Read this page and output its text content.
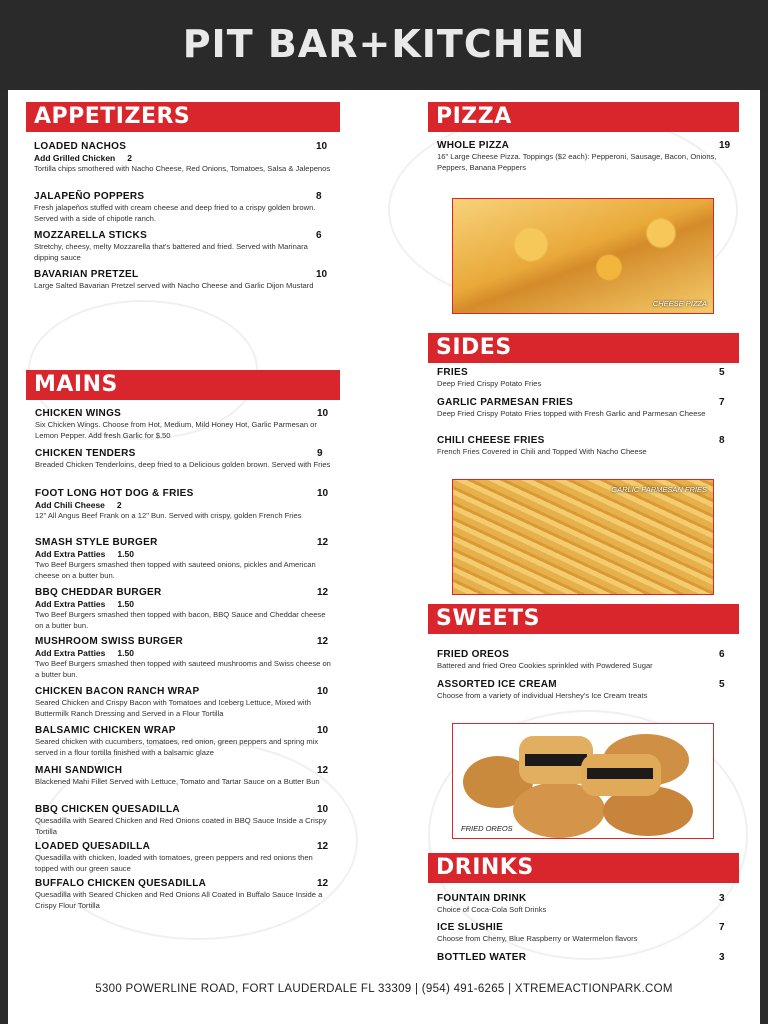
PIT BAR+KITCHEN
APPETIZERS
LOADED NACHOS	10
Add Grilled Chicken 2
Tortilla chips smothered with Nacho Cheese, Red Onions, Tomatoes, Salsa & Jalepenos
JALAPEÑO POPPERS	8
Fresh jalapeños stuffed with cream cheese and deep fried to a crispy golden brown. Served with a side of chipotle ranch.
MOZZARELLA STICKS	6
Stretchy, cheesy, melty Mozzarella that's battered and fried. Served with Marinara dipping sauce
BAVARIAN PRETZEL	10
Large Salted Bavarian Pretzel served with Nacho Cheese and Garlic Dijon Mustard
MAINS
CHICKEN WINGS	10
Six Chicken Wings. Choose from Hot, Medium, Mild Honey Hot, Garlic Parmesan or Lemon Pepper. Add fresh Garlic for $.50
CHICKEN TENDERS	9
Breaded Chicken Tenderloins, deep fried to a Delicious golden brown. Served with Fries
FOOT LONG HOT DOG & FRIES	10
Add Chili Cheese 2
12" All Angus Beef Frank on a 12" Bun. Served with crispy, golden French Fries
SMASH STYLE BURGER	12
Add Extra Patties 1.50
Two Beef Burgers smashed then topped with sauteed onions, pickles and American cheese on a butter bun.
BBQ CHEDDAR BURGER	12
Add Extra Patties 1.50
Two Beef Burgers smashed then topped with bacon, BBQ Sauce and Cheddar cheese on a butter bun.
MUSHROOM SWISS BURGER	12
Add Extra Patties 1.50
Two Beef Burgers smashed then topped with sauteed mushrooms and Swiss cheese on a butter bun.
CHICKEN BACON RANCH WRAP	10
Seared Chicken and Crispy Bacon with Tomatoes and Iceberg Lettuce, Mixed with Buttermilk Ranch Dressing and Served in a Flour Tortilla
BALSAMIC CHICKEN WRAP	10
Seared chicken with cucumbers, tomatoes, red onion, green peppers and spring mix served in a flour tortilla finished with a balsamic glaze
MAHI SANDWICH	12
Blackened Mahi Fillet Served with Lettuce, Tomato and Tartar Sauce on a Butter Bun
BBQ CHICKEN QUESADILLA	10
Quesadilla with Seared Chicken and Red Onions coated in BBQ Sauce Inside a Crispy Tortilla
LOADED QUESADILLA	12
Quesadilla with chicken, loaded with tomatoes, green peppers and red onions then topped with our green sauce
BUFFALO CHICKEN QUESADILLA	12
Quesadilla with Seared Chicken and Red Onions All Coated in Buffalo Sauce Inside a Crispy Flour Tortilla
PIZZA
WHOLE PIZZA	19
16" Large Cheese Pizza. Toppings ($2 each): Pepperoni, Sausage, Bacon, Onions, Peppers, Banana Peppers
CHEESE PIZZA
SIDES
FRIES	5
Deep Fried Crispy Potato Fries
GARLIC PARMESAN FRIES	7
Deep Fried Crispy Potato Fries topped with Fresh Garlic and Parmesan Cheese
CHILI CHEESE FRIES	8
French Fries Covered in Chili and Topped With Nacho Cheese
GARLIC PARMESAN FRIES
SWEETS
FRIED OREOS	6
Battered and fried Oreo Cookies sprinkled with Powdered Sugar
ASSORTED ICE CREAM	5
Choose from a variety of individual Hershey's Ice Cream treats
FRIED OREOS
DRINKS
FOUNTAIN DRINK	3
Choice of Coca-Cola Soft Drinks
ICE SLUSHIE	7
Choose from Cherry, Blue Raspberry or Watermelon flavors
BOTTLED WATER	3
5300 POWERLINE ROAD, FORT LAUDERDALE FL 33309 | (954) 491-6265 | XTREMEACTIONPARK.COM
